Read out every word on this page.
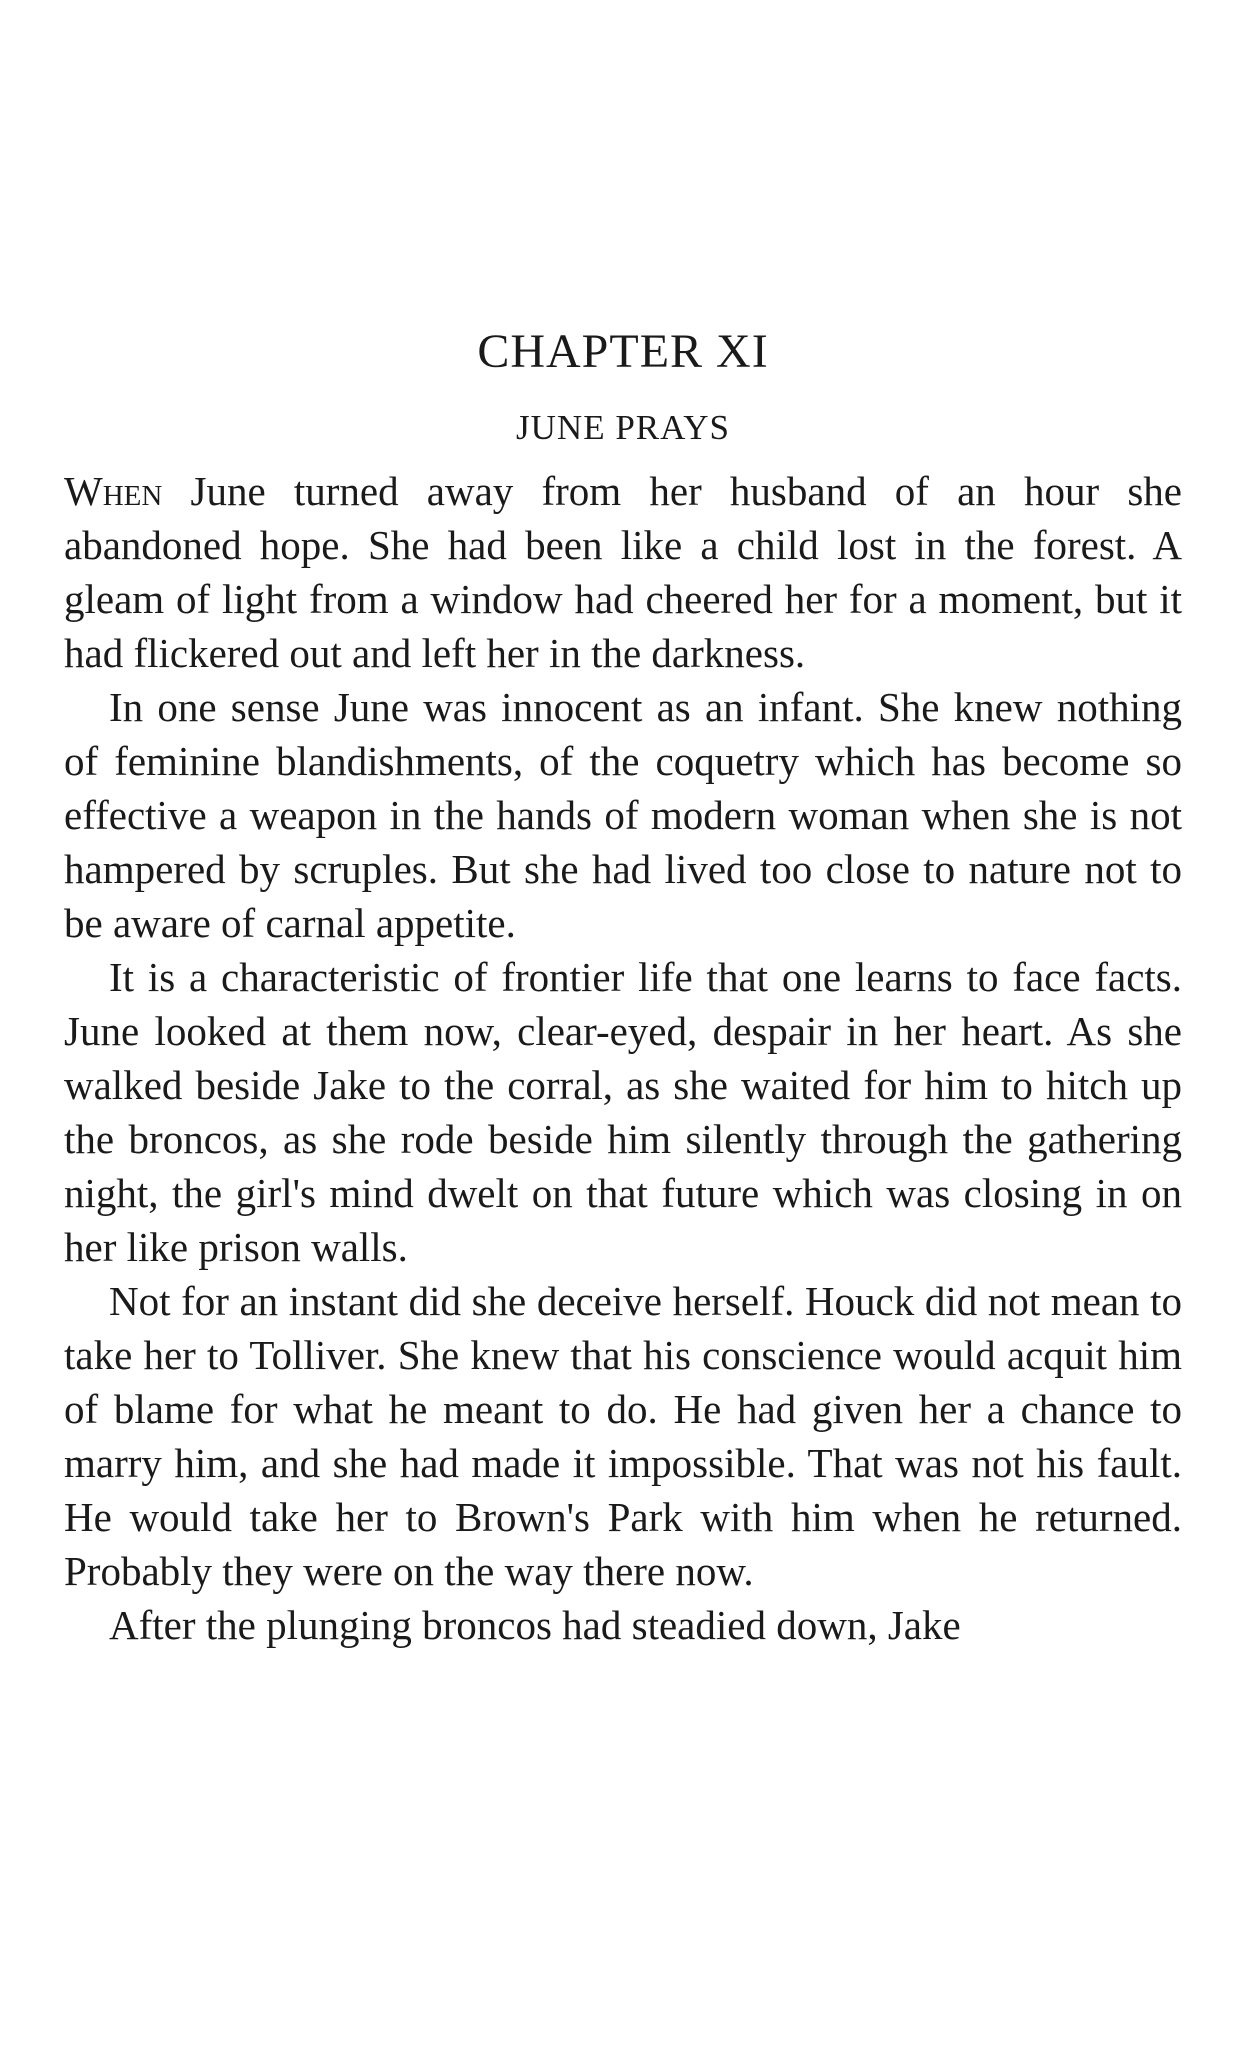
CHAPTER XI
JUNE PRAYS

When June turned away from her husband of an hour she abandoned hope. She had been like a child lost in the forest. A gleam of light from a window had cheered her for a moment, but it had flickered out and left her in the darkness.

In one sense June was innocent as an infant. She knew nothing of feminine blandishments, of the coquetry which has become so effective a weapon in the hands of modern woman when she is not hampered by scruples. But she had lived too close to nature not to be aware of carnal appetite.

It is a characteristic of frontier life that one learns to face facts. June looked at them now, clear-eyed, despair in her heart. As she walked beside Jake to the corral, as she waited for him to hitch up the broncos, as she rode beside him silently through the gathering night, the girl's mind dwelt on that future which was closing in on her like prison walls.

Not for an instant did she deceive herself. Houck did not mean to take her to Tolliver. She knew that his conscience would acquit him of blame for what he meant to do. He had given her a chance to marry him, and she had made it impossible. That was not his fault. He would take her to Brown's Park with him when he returned. Probably they were on the way there now.

After the plunging broncos had steadied down, Jake
